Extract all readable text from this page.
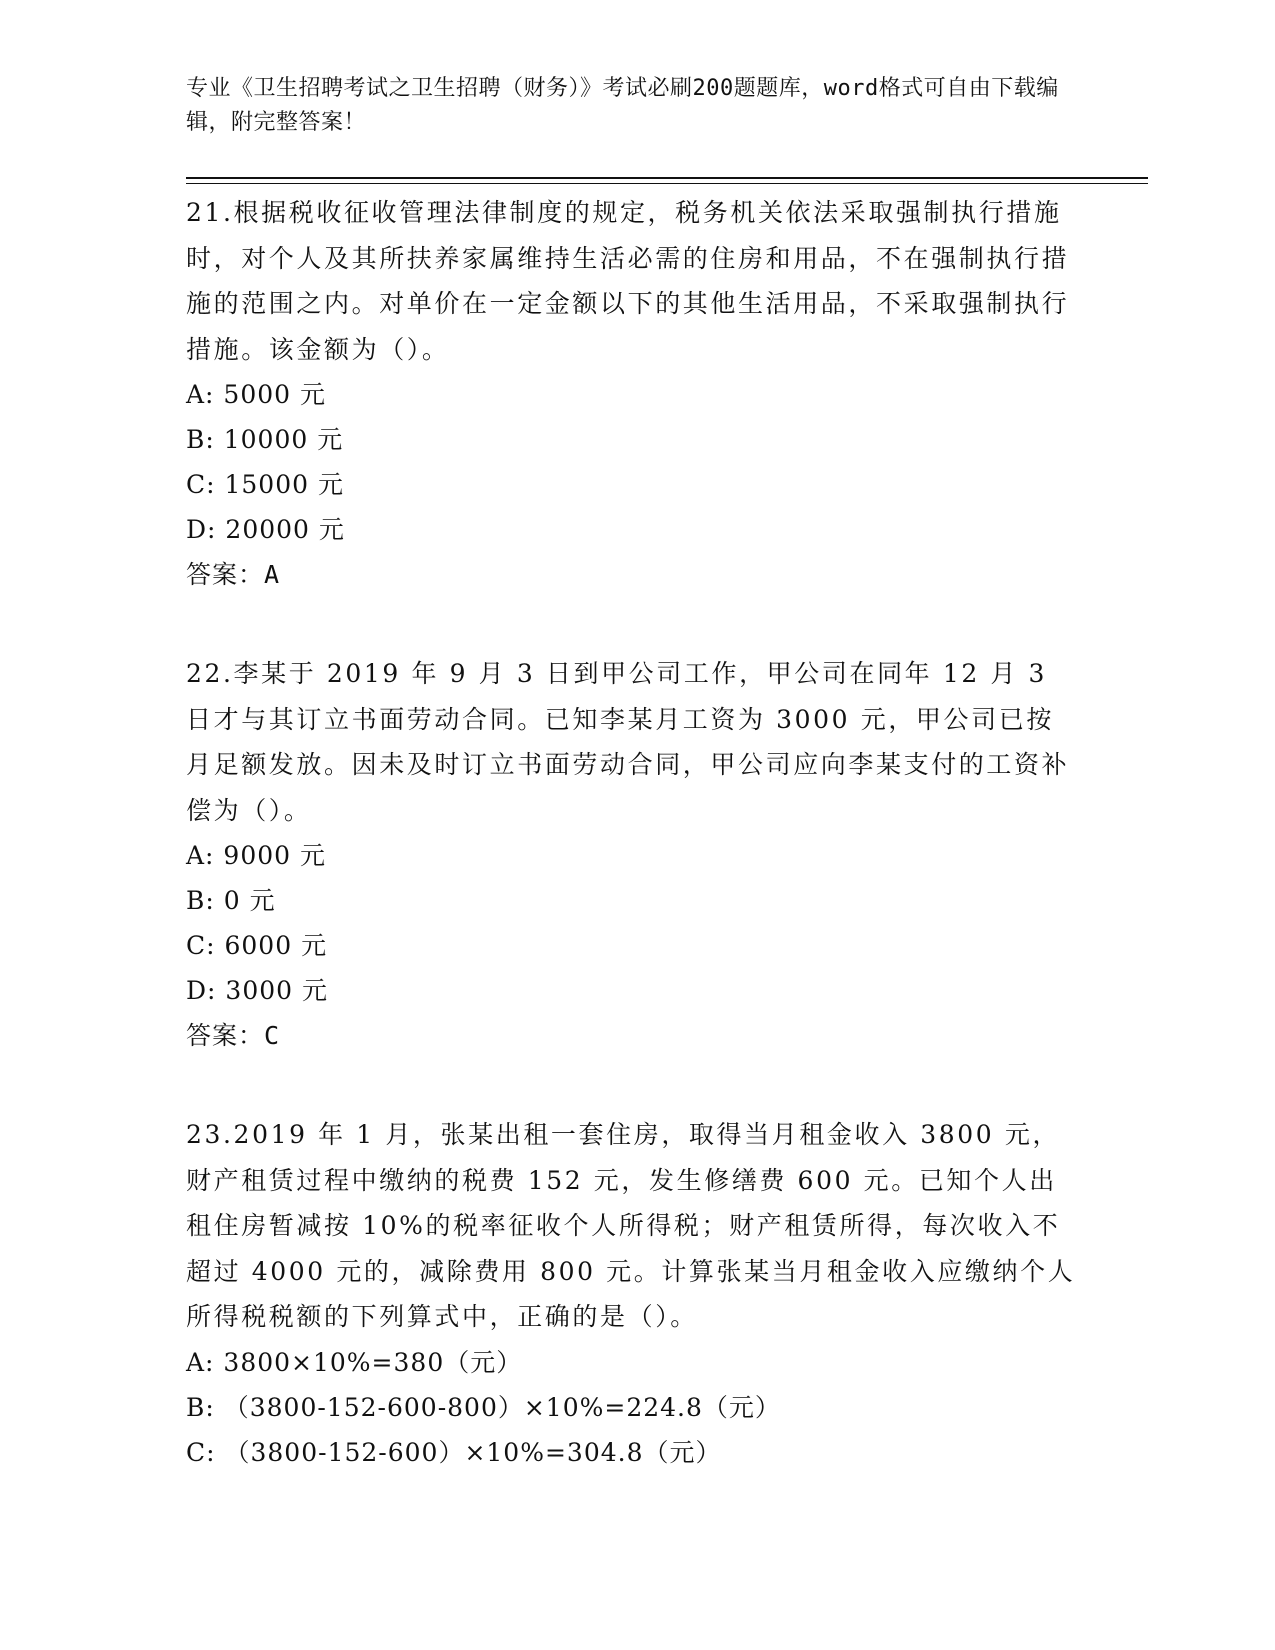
专业《卫生招聘考试之卫生招聘（财务）》考试必刷200题题库，word格式可自由下载编辑，附完整答案！
21.根据税收征收管理法律制度的规定，税务机关依法采取强制执行措施时，对个人及其所扶养家属维持生活必需的住房和用品，不在强制执行措施的范围之内。对单价在一定金额以下的其他生活用品，不采取强制执行措施。该金额为（）。
A: 5000 元
B: 10000 元
C: 15000 元
D: 20000 元
答案：A
22.李某于 2019 年 9 月 3 日到甲公司工作，甲公司在同年 12 月 3 日才与其订立书面劳动合同。已知李某月工资为 3000 元，甲公司已按月足额发放。因未及时订立书面劳动合同，甲公司应向李某支付的工资补偿为（）。
A: 9000 元
B: 0 元
C: 6000 元
D: 3000 元
答案：C
23.2019 年 1 月，张某出租一套住房，取得当月租金收入 3800 元，财产租赁过程中缴纳的税费 152 元，发生修缮费 600 元。已知个人出租住房暂减按 10%的税率征收个人所得税；财产租赁所得，每次收入不超过 4000 元的，减除费用 800 元。计算张某当月租金收入应缴纳个人所得税税额的下列算式中，正确的是（）。
A: 3800×10%=380（元）
B: （3800-152-600-800）×10%=224.8（元）
C: （3800-152-600）×10%=304.8（元）
